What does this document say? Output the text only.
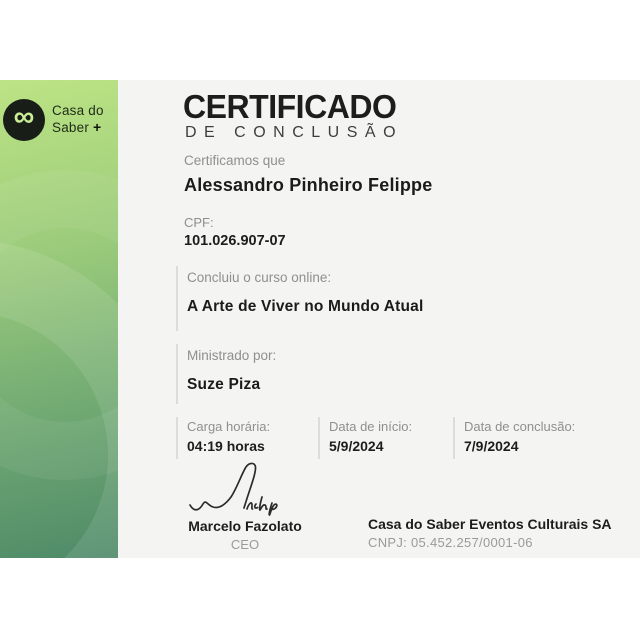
∞ Casa do
Saber +
CERTIFICADO
DE CONCLUSÃO
Certificamos que
Alessandro Pinheiro Felippe
CPF:
101.026.907-07
Concluiu o curso online:
A Arte de Viver no Mundo Atual
Ministrado por:
Suze Piza
Carga horária:
04:19 horas
Data de início:
5/9/2024
Data de conclusão:
7/9/2024
Marcelo Fazolato
CEO
Casa do Saber Eventos Culturais SA
CNPJ: 05.452.257/0001-06
